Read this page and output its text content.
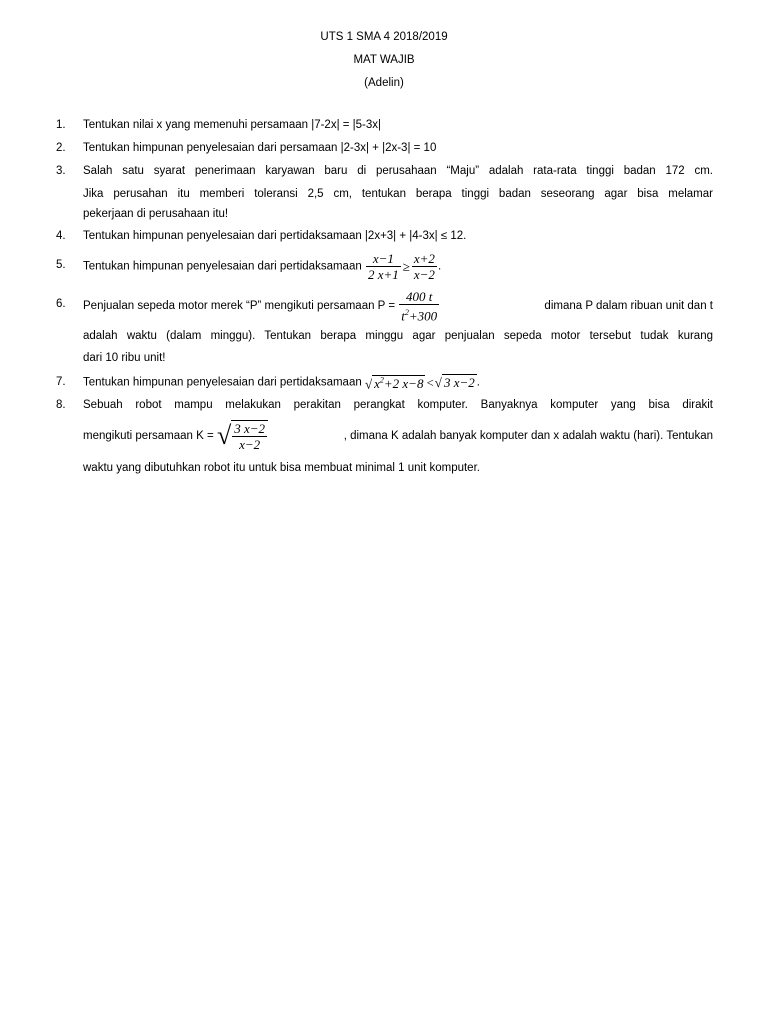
UTS 1 SMA 4 2018/2019
MAT WAJIB
(Adelin)
1.	Tentukan nilai x yang memenuhi persamaan |7-2x| = |5-3x|
2.	Tentukan himpunan penyelesaian dari persamaan |2-3x| + |2x-3| = 10
3.	Salah satu syarat penerimaan karyawan baru di perusahaan “Maju” adalah rata-rata tinggi badan 172 cm.
Jika perusahan itu memberi toleransi 2,5 cm, tentukan berapa tinggi badan seseorang agar bisa melamar
pekerjaan di perusahaan itu!
4.	Tentukan himpunan penyelesaian dari pertidaksamaan |2x+3| + |4-3x| ≤ 12.
5.	Tentukan himpunan penyelesaian dari pertidaksamaan $\frac{x-1}{2 x+1} \ge \frac{x+2}{x-2}$ .
6.	Penjualan sepeda motor merek “P” mengikuti persamaan $P = \frac{400 t}{t^2+300}$	dimana P dalam ribuan unit dan t
adalah waktu (dalam minggu). Tentukan berapa minggu agar penjualan sepeda motor tersebut tudak kurang
dari 10 ribu unit!
7.	Tentukan himpunan penyelesaian dari pertidaksamaan √ $x^2+2$ x−8 <√ 3 x−2 .
8.	Sebuah robot mampu melakukan perakitan perangkat komputer. Banyaknya komputer yang bisa dirakit
mengikuti persamaan K = √ $\frac{3 x-2}{x-2}$	, dimana K adalah banyak komputer dan x adalah waktu (hari). Tentukan
waktu yang dibutuhkan robot itu untuk bisa membuat minimal 1 unit komputer.
